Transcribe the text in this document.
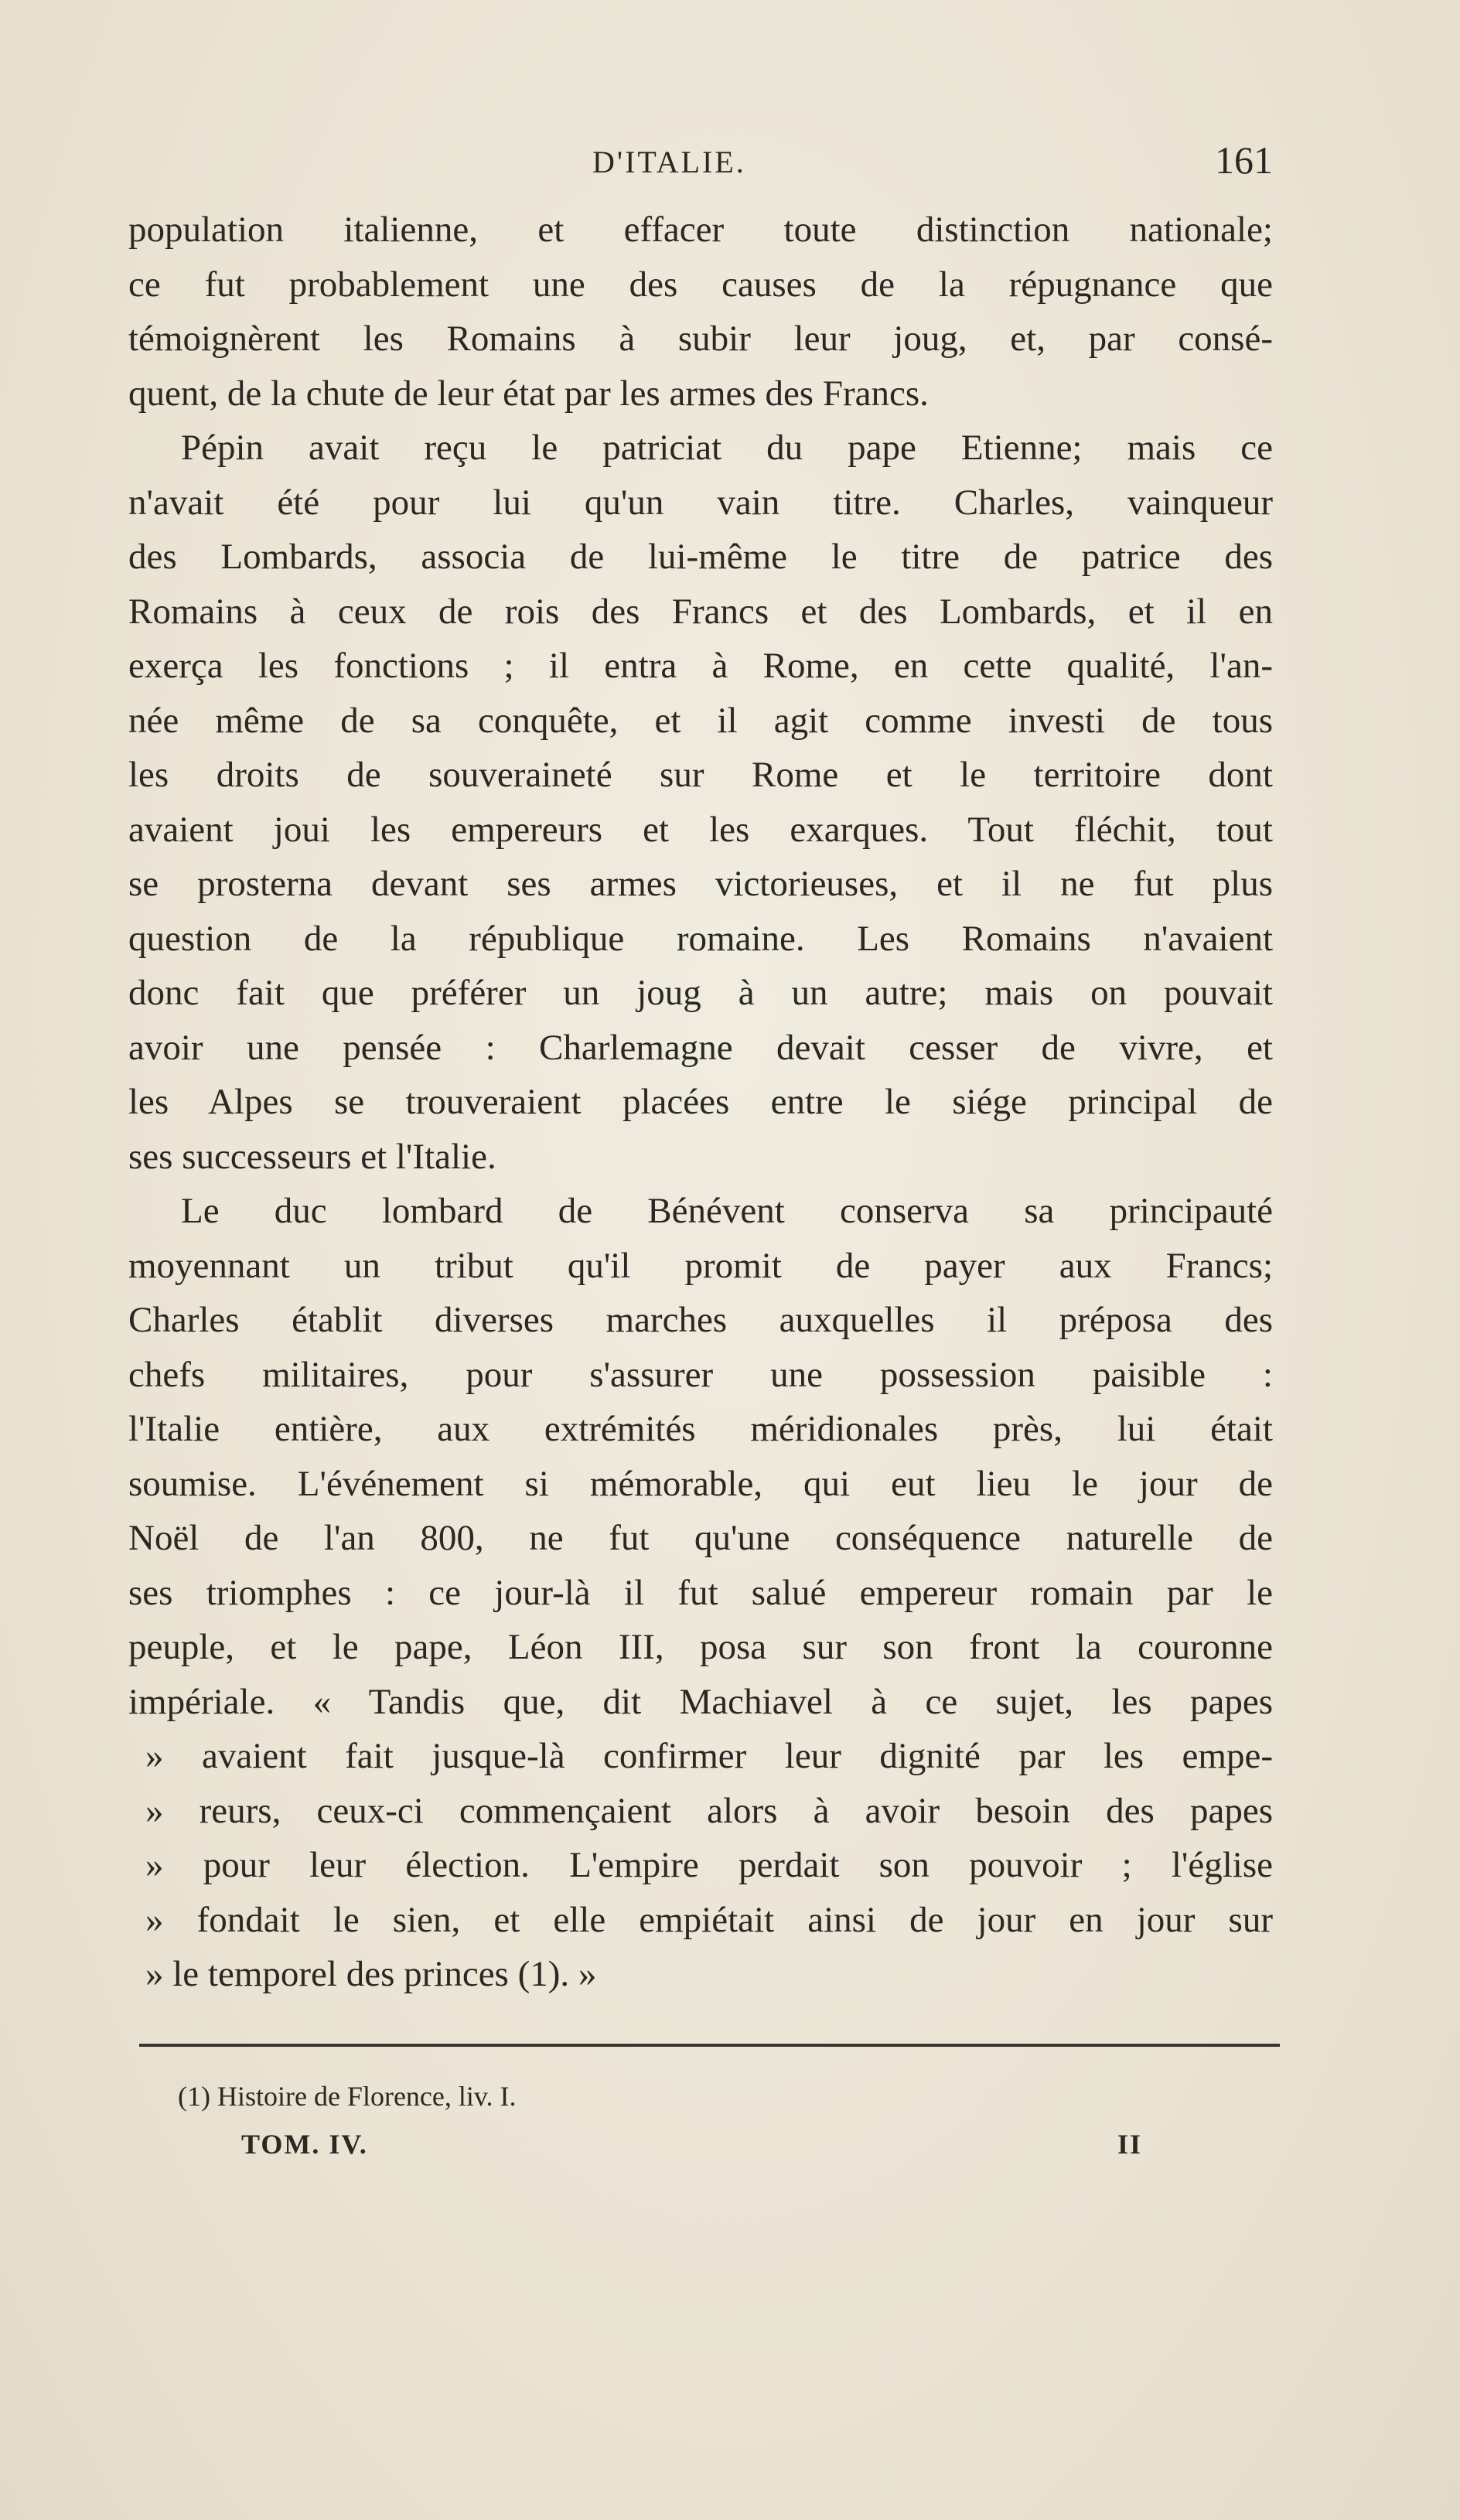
D'ITALIE.	161
population italienne, et effacer toute distinction nationale;
ce fut probablement une des causes de la répugnance que
témoignèrent les Romains à subir leur joug, et, par consé-
quent, de la chute de leur état par les armes des Francs.
Pépin avait reçu le patriciat du pape Etienne; mais ce
n'avait été pour lui qu'un vain titre. Charles, vainqueur
des Lombards, associa de lui-même le titre de patrice des
Romains à ceux de rois des Francs et des Lombards, et il en
exerça les fonctions ; il entra à Rome, en cette qualité, l'an-
née même de sa conquête, et il agit comme investi de tous
les droits de souveraineté sur Rome et le territoire dont
avaient joui les empereurs et les exarques. Tout fléchit, tout
se prosterna devant ses armes victorieuses, et il ne fut plus
question de la république romaine. Les Romains n'avaient
donc fait que préférer un joug à un autre; mais on pouvait
avoir une pensée : Charlemagne devait cesser de vivre, et
les Alpes se trouveraient placées entre le siége principal de
ses successeurs et l'Italie.
Le duc lombard de Bénévent conserva sa principauté
moyennant un tribut qu'il promit de payer aux Francs;
Charles établit diverses marches auxquelles il préposa des
chefs militaires, pour s'assurer une possession paisible :
l'Italie entière, aux extrémités méridionales près, lui était
soumise. L'événement si mémorable, qui eut lieu le jour de
Noël de l'an 800, ne fut qu'une conséquence naturelle de
ses triomphes : ce jour-là il fut salué empereur romain par le
peuple, et le pape, Léon III, posa sur son front la couronne
impériale. « Tandis que, dit Machiavel à ce sujet, les papes
» avaient fait jusque-là confirmer leur dignité par les empe-
» reurs, ceux-ci commençaient alors à avoir besoin des papes
» pour leur élection. L'empire perdait son pouvoir ; l'église
» fondait le sien, et elle empiétait ainsi de jour en jour sur
» le temporel des princes (1). »
(1) Histoire de Florence, liv. I.
TOM. IV.	II
